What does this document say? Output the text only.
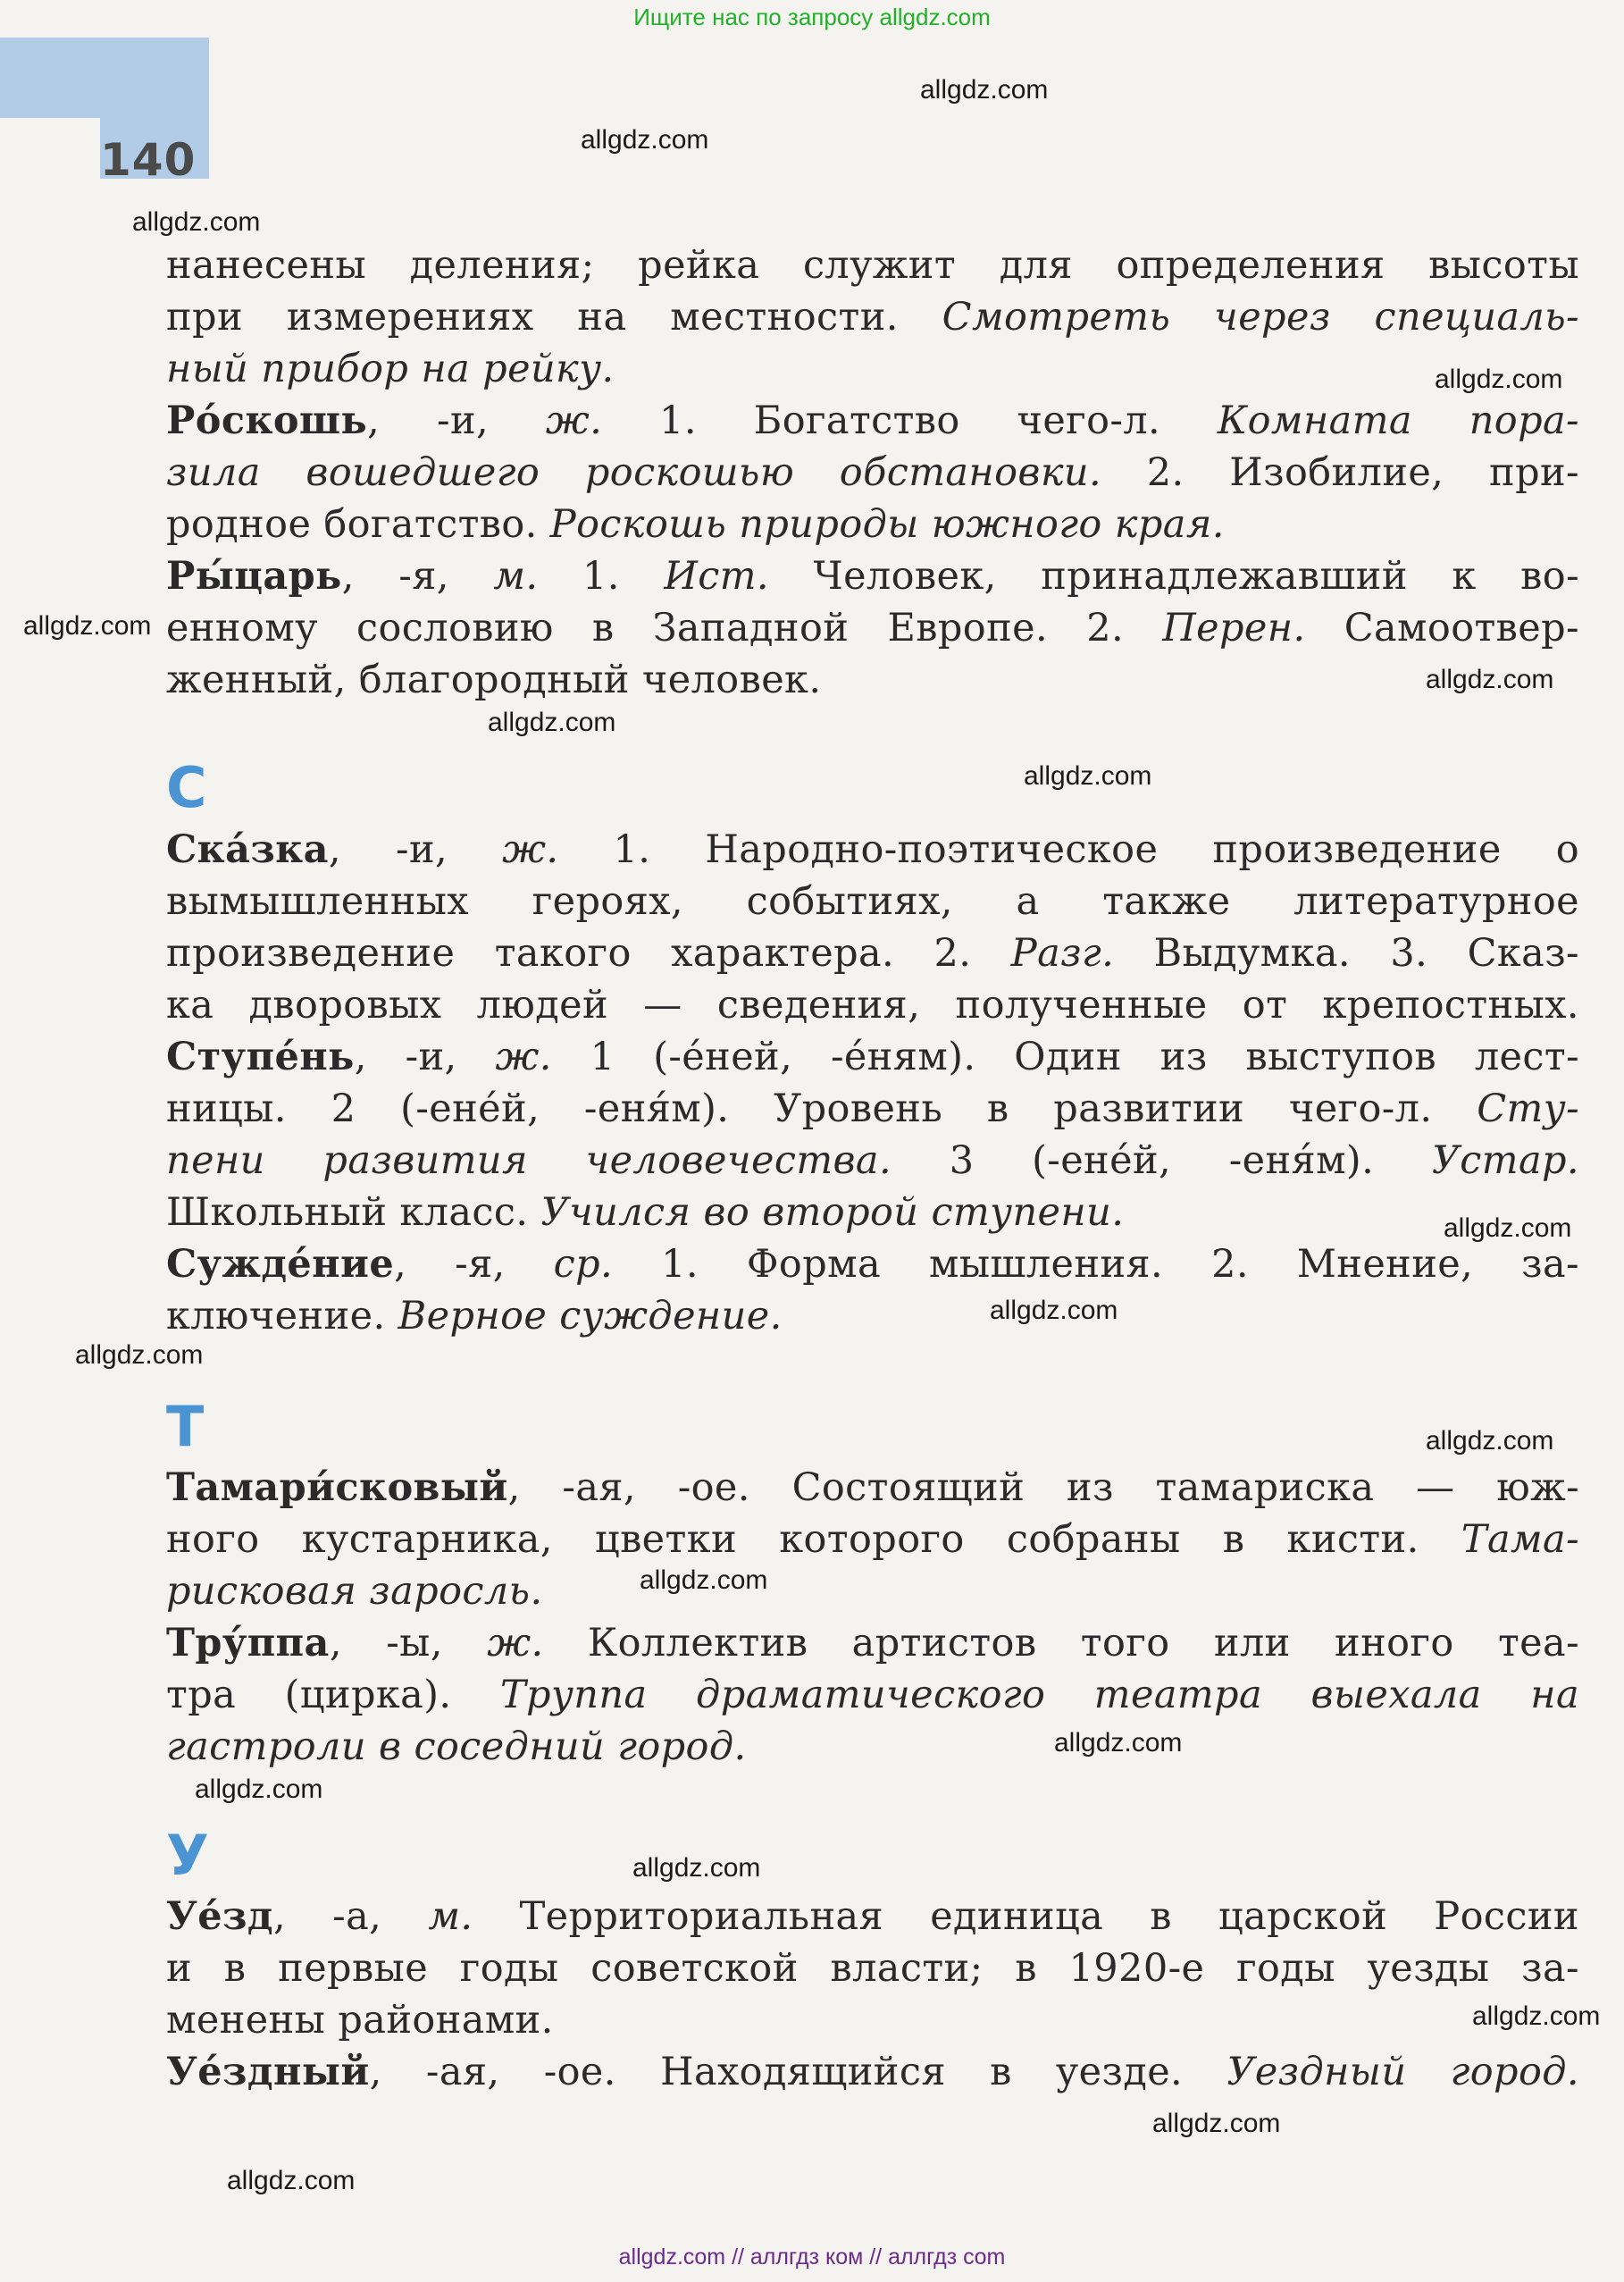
Ищите нас по запросу allgdz.com
140
нанесены деления; рейка служит для определения высоты
при измерениях на местности. Смотреть через специаль-
ный прибор на рейку.
Ро́скошь, -и, ж. 1. Богатство чего-л. Комната пора-
зила вошедшего роскошью обстановки. 2. Изобилие, при-
родное богатство. Роскошь природы южного края.
Ры́царь, -я, м. 1. Ист. Человек, принадлежавший к во-
енному сословию в Западной Европе. 2. Перен. Самоотвер-
женный, благородный человек.
С
Ска́зка, -и, ж. 1. Народно-поэтическое произведение о
вымышленных героях, событиях, а также литературное
произведение такого характера. 2. Разг. Выдумка. 3. Сказ-
ка дворовых людей — сведения, полученные от крепостных.
Ступе́нь, -и, ж. 1 (-е́ней, -е́ням). Один из выступов лест-
ницы. 2 (-ене́й, -еня́м). Уровень в развитии чего-л. Сту-
пени развития человечества. 3 (-ене́й, -еня́м). Устар.
Школьный класс. Учился во второй ступени.
Сужде́ние, -я, ср. 1. Форма мышления. 2. Мнение, за-
ключение. Верное суждение.
Т
Тамари́сковый, -ая, -ое. Состоящий из тамариска — юж-
ного кустарника, цветки которого собраны в кисти. Тама-
рисковая заросль.
Тру́ппа, -ы, ж. Коллектив артистов того или иного теа-
тра (цирка). Труппа драматического театра выехала на
гастроли в соседний город.
У
Уе́зд, -а, м. Территориальная единица в царской России
и в первые годы советской власти; в 1920-е годы уезды за-
менены районами.
Уе́здный, -ая, -ое. Находящийся в уезде. Уездный город.
allgdz.com
allgdz.com
allgdz.com
allgdz.com
allgdz.com
allgdz.com
allgdz.com
allgdz.com
allgdz.com
allgdz.com
allgdz.com
allgdz.com
allgdz.com
allgdz.com
allgdz.com
allgdz.com
allgdz.com
allgdz.com
allgdz.com
allgdz.com // аллгдз ком // аллгдз com
